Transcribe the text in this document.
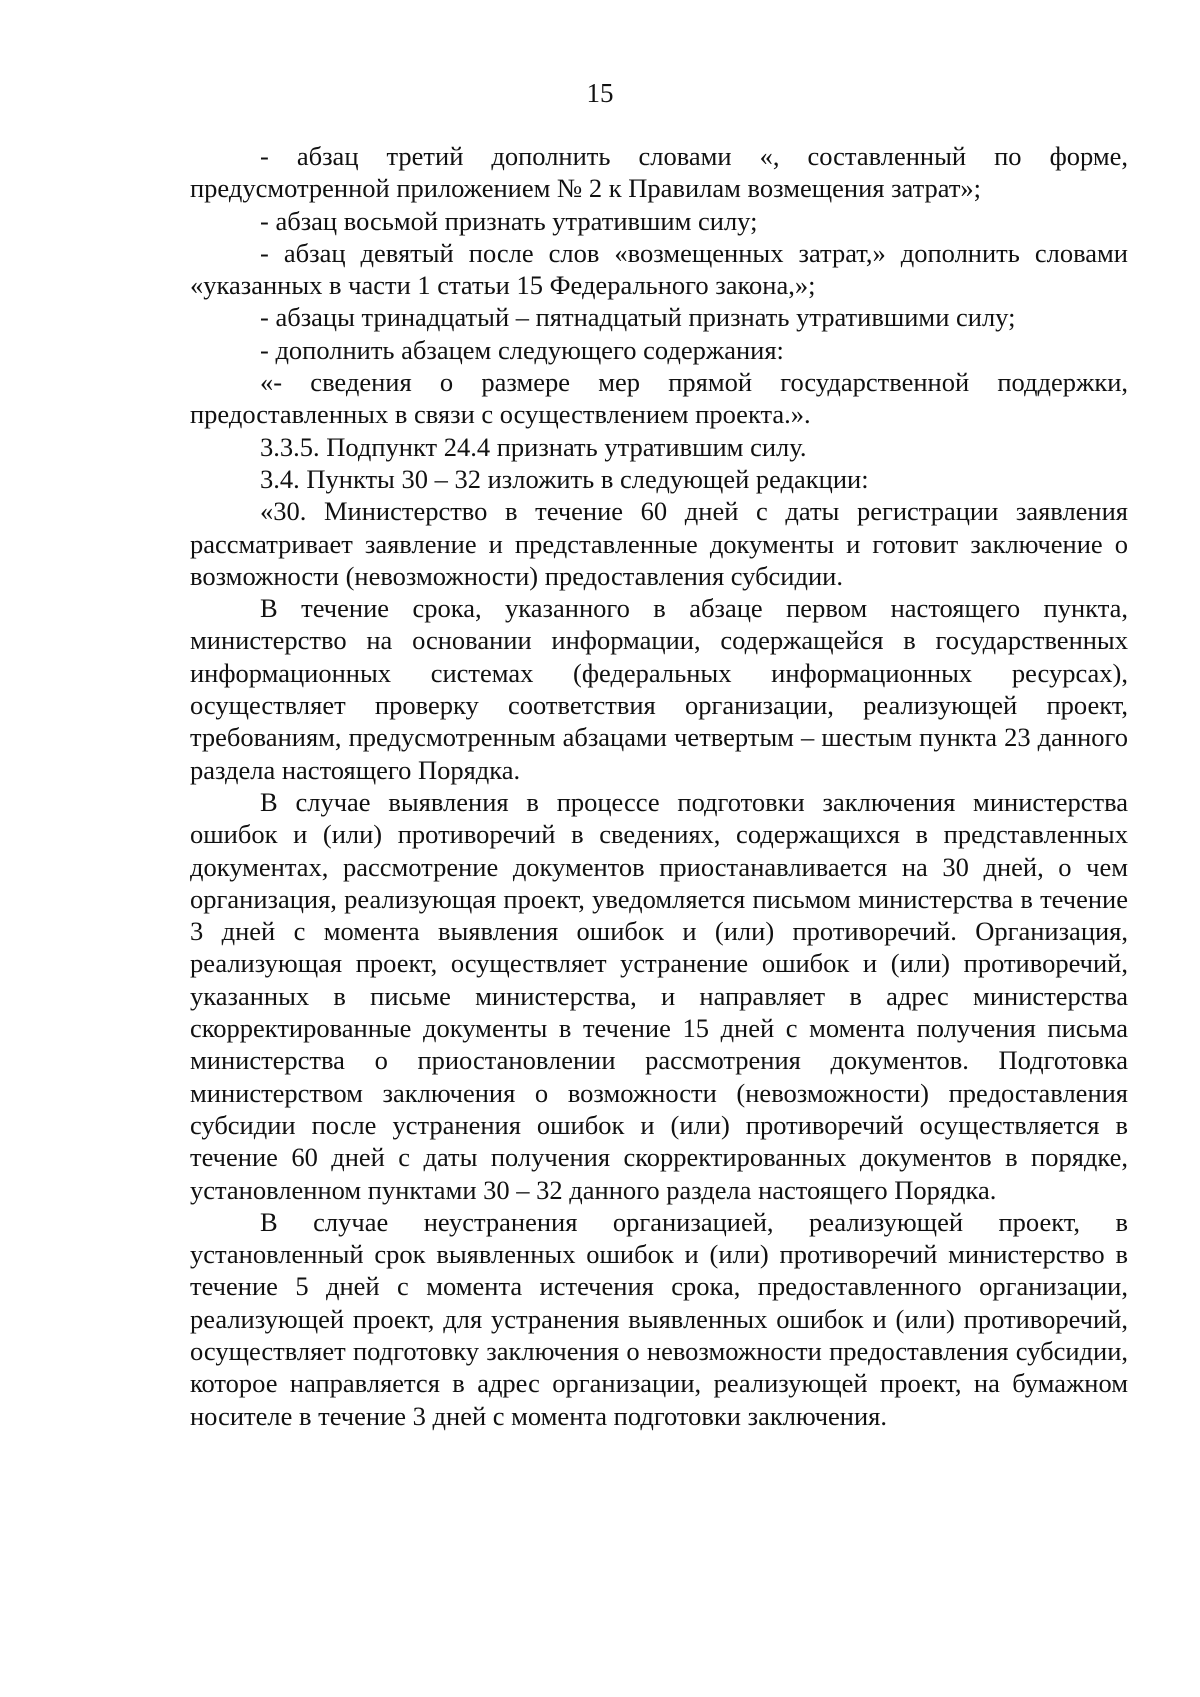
15

- абзац третий дополнить словами «, составленный по форме, предусмотренной приложением № 2 к Правилам возмещения затрат»;

- абзац восьмой признать утратившим силу;

- абзац девятый после слов «возмещенных затрат,» дополнить словами «указанных в части 1 статьи 15 Федерального закона,»;

- абзацы тринадцатый – пятнадцатый признать утратившими силу;

- дополнить абзацем следующего содержания:

«- сведения о размере мер прямой государственной поддержки, предоставленных в связи с осуществлением проекта.».

3.3.5. Подпункт 24.4 признать утратившим силу.

3.4. Пункты 30 – 32 изложить в следующей редакции:

«30. Министерство в течение 60 дней с даты регистрации заявления рассматривает заявление и представленные документы и готовит заключение о возможности (невозможности) предоставления субсидии.

В течение срока, указанного в абзаце первом настоящего пункта, министерство на основании информации, содержащейся в государственных информационных системах (федеральных информационных ресурсах), осуществляет проверку соответствия организации, реализующей проект, требованиям, предусмотренным абзацами четвертым – шестым пункта 23 данного раздела настоящего Порядка.

В случае выявления в процессе подготовки заключения министерства ошибок и (или) противоречий в сведениях, содержащихся в представленных документах, рассмотрение документов приостанавливается на 30 дней, о чем организация, реализующая проект, уведомляется письмом министерства в течение 3 дней с момента выявления ошибок и (или) противоречий. Организация, реализующая проект, осуществляет устранение ошибок и (или) противоречий, указанных в письме министерства, и направляет в адрес министерства скорректированные документы в течение 15 дней с момента получения письма министерства о приостановлении рассмотрения документов. Подготовка министерством заключения о возможности (невозможности) предоставления субсидии после устранения ошибок и (или) противоречий осуществляется в течение 60 дней с даты получения скорректированных документов в порядке, установленном пунктами 30 – 32 данного раздела настоящего Порядка.

В случае неустранения организацией, реализующей проект, в установленный срок выявленных ошибок и (или) противоречий министерство в течение 5 дней с момента истечения срока, предоставленного организации, реализующей проект, для устранения выявленных ошибок и (или) противоречий, осуществляет подготовку заключения о невозможности предоставления субсидии, которое направляется в адрес организации, реализующей проект, на бумажном носителе в течение 3 дней с момента подготовки заключения.
